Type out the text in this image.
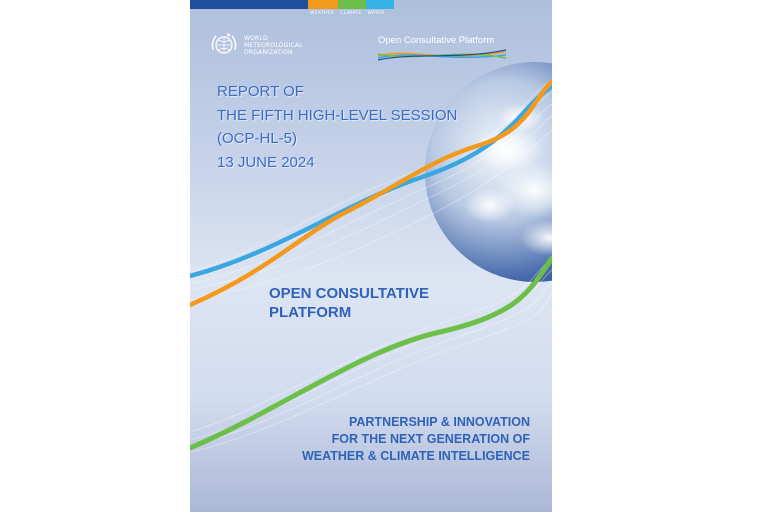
WEATHER CLIMATE WATER
WORLD
METEOROLOGICAL
ORGANIZATION
Open Consultative Platform
REPORT OF
THE FIFTH HIGH-LEVEL SESSION
(OCP-HL-5)
13 JUNE 2024
OPEN CONSULTATIVE
PLATFORM
PARTNERSHIP & INNOVATION
FOR THE NEXT GENERATION OF
WEATHER & CLIMATE INTELLIGENCE
